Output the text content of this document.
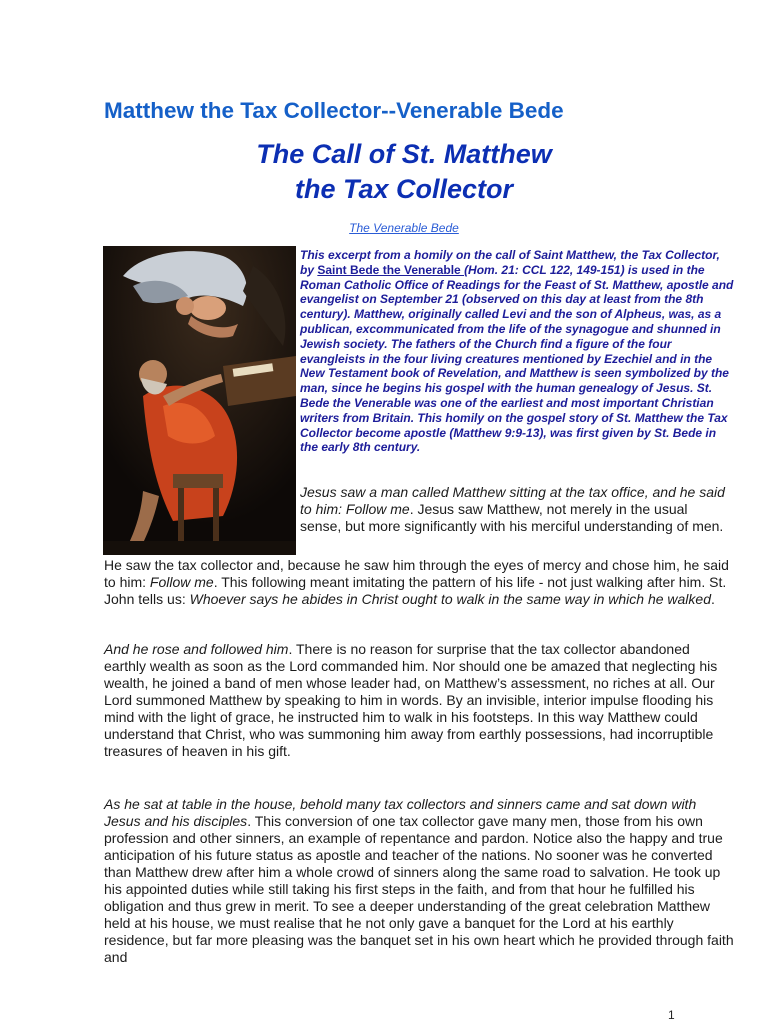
Matthew the Tax Collector--Venerable Bede
The Call of St. Matthew
the Tax Collector
The Venerable Bede
This excerpt from a homily on the call of Saint Matthew, the Tax Collector, by Saint Bede the Venerable (Hom. 21: CCL 122, 149-151) is used in the Roman Catholic Office of Readings for the Feast of St. Matthew, apostle and evangelist on September 21 (observed on this day at least from the 8th century). Matthew, originally called Levi and the son of Alpheus, was, as a publican, excommunicated from the life of the synagogue and shunned in Jewish society. The fathers of the Church find a figure of the four evangleists in the four living creatures mentioned by Ezechiel and in the New Testament book of Revelation, and Matthew is seen symbolized by the man, since he begins his gospel with the human genealogy of Jesus. St. Bede the Venerable was one of the earliest and most important Christian writers from Britain. This homily on the gospel story of St. Matthew the Tax Collector become apostle (Matthew 9:9-13), was first given by St. Bede in the early 8th century.
Jesus saw a man called Matthew sitting at the tax office, and he said to him: Follow me. Jesus saw Matthew, not merely in the usual sense, but more significantly with his merciful understanding of men.
He saw the tax collector and, because he saw him through the eyes of mercy and chose him, he said to him: Follow me. This following meant imitating the pattern of his life - not just walking after him. St. John tells us: Whoever says he abides in Christ ought to walk in the same way in which he walked.
And he rose and followed him. There is no reason for surprise that the tax collector abandoned earthly wealth as soon as the Lord commanded him. Nor should one be amazed that neglecting his wealth, he joined a band of men whose leader had, on Matthew’s assessment, no riches at all. Our Lord summoned Matthew by speaking to him in words. By an invisible, interior impulse flooding his mind with the light of grace, he instructed him to walk in his footsteps. In this way Matthew could understand that Christ, who was summoning him away from earthly possessions, had incorruptible treasures of heaven in his gift.
As he sat at table in the house, behold many tax collectors and sinners came and sat down with Jesus and his disciples. This conversion of one tax collector gave many men, those from his own profession and other sinners, an example of repentance and pardon. Notice also the happy and true anticipation of his future status as apostle and teacher of the nations. No sooner was he converted than Matthew drew after him a whole crowd of sinners along the same road to salvation. He took up his appointed duties while still taking his first steps in the faith, and from that hour he fulfilled his obligation and thus grew in merit. To see a deeper understanding of the great celebration Matthew held at his house, we must realise that he not only gave a banquet for the Lord at his earthly residence, but far more pleasing was the banquet set in his own heart which he provided through faith and
1
